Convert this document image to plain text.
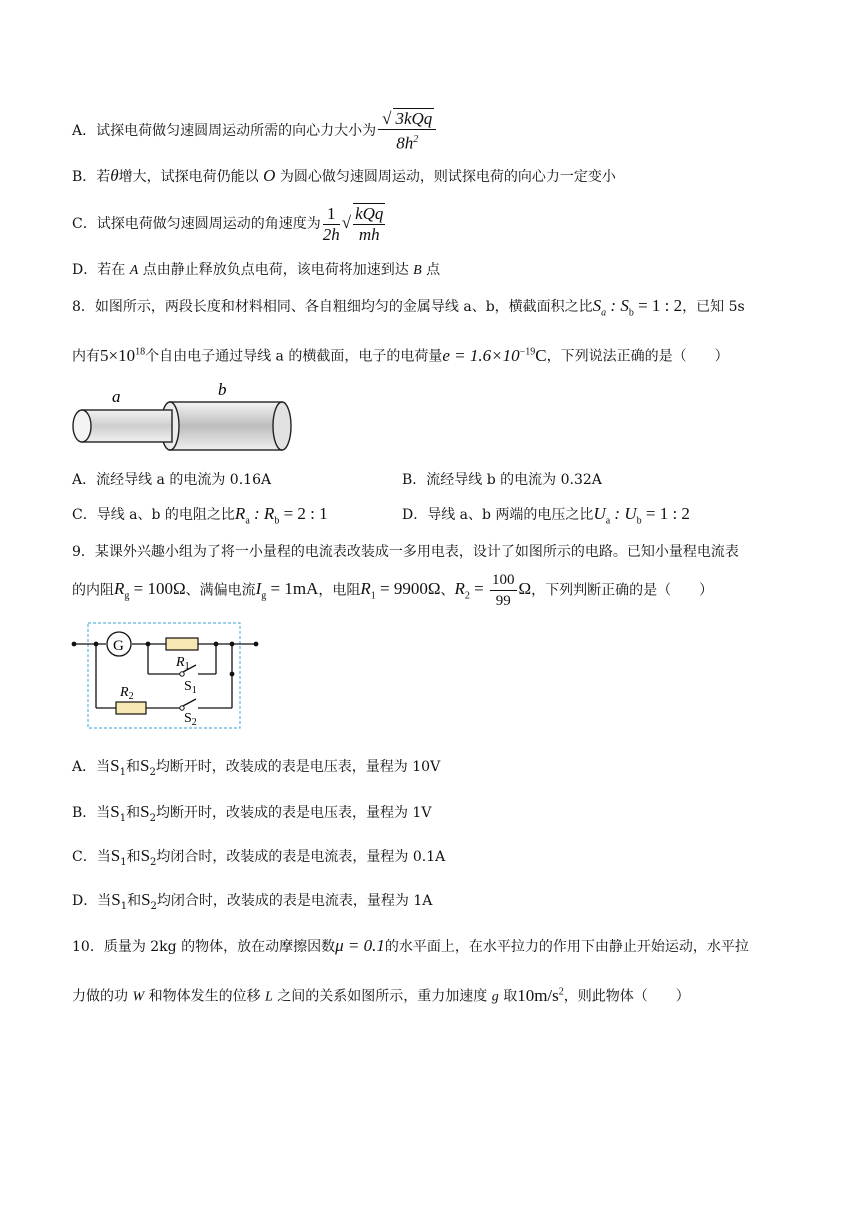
A．试探电荷做匀速圆周运动所需的向心力大小为 $\frac{\text{√ 3kQq}}{8h^2}$
B．若θ增大，试探电荷仍能以 O 为圆心做匀速圆周运动，则试探电荷的向心力一定变小
C．试探电荷做匀速圆周运动的角速度为 $\frac{1}{2h}$ √ $\frac{\text{kQq}}{mh}$
D．若在 A 点由静止释放负点电荷，该电荷将加速到达 B 点
8．如图所示，两段长度和材料相同、各自粗细均匀的金属导线 a、b，横截面积之比$S_a$ : $S_b = 1$ : 2，已知 5s
内有$5\times 10^{18}$个自由电子通过导线 a 的横截面，电子的电荷量$e = 1.6\times 10^{-19}C$，下列说法正确的是（　　）
a	b
A．流经导线 a 的电流为 0.16A	B．流经导线 b 的电流为 0.32A
C．导线 a、b 的电阻之比$R_a$ : $R_b = 2$ : 1	D．导线 a、b 两端的电压之比$U_a$ : $U_b = 1$ : 2
9．某课外兴趣小组为了将一小量程的电流表改装成一多用电表，设计了如图所示的电路。已知小量程电流表
的内阻$R_g = 100\Omega$、满偏电流$I_g = 1mA$，电阻$R_1 = 9900\Omega$、$R_2 = \frac{100}{99}$ Ω，下列判断正确的是（　　）
G
$R_1$
$S_1$
$R_2$
$S_2$
A．当$S_1$和$S_2$均断开时，改装成的表是电压表，量程为 10V
B．当$S_1$和$S_2$均断开时，改装成的表是电压表，量程为 1V
C．当$S_1$和$S_2$均闭合时，改装成的表是电流表，量程为 0.1A
D．当$S_1$和$S_2$均闭合时，改装成的表是电流表，量程为 1A
10．质量为 2kg 的物体，放在动摩擦因数μ = 0.1的水平面上，在水平拉力的作用下由静止开始运动，水平拉
力做的功 W 和物体发生的位移 L 之间的关系如图所示，重力加速度 g 取$10m/s^2$，则此物体（　　）
